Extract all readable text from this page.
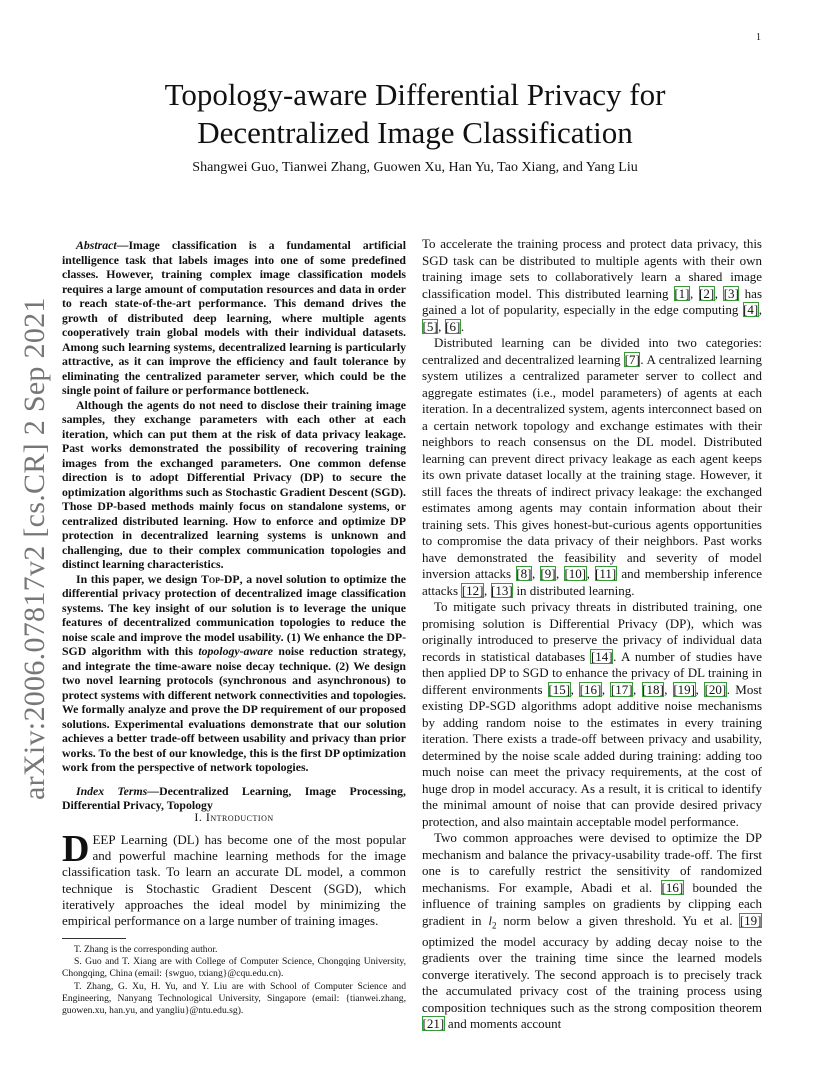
1
arXiv:2006.07817v2 [cs.CR] 2 Sep 2021
Topology-aware Differential Privacy for
Decentralized Image Classification
Shangwei Guo, Tianwei Zhang, Guowen Xu, Han Yu, Tao Xiang, and Yang Liu

Abstract—Image classification is a fundamental artificial intelligence task that labels images into one of some predefined classes. However, training complex image classification models requires a large amount of computation resources and data in order to reach state-of-the-art performance. This demand drives the growth of distributed deep learning, where multiple agents cooperatively train global models with their individual datasets. Among such learning systems, decentralized learning is particularly attractive, as it can improve the efficiency and fault tolerance by eliminating the centralized parameter server, which could be the single point of failure or performance bottleneck.

Although the agents do not need to disclose their training image samples, they exchange parameters with each other at each iteration, which can put them at the risk of data privacy leakage. Past works demonstrated the possibility of recovering training images from the exchanged parameters. One common defense direction is to adopt Differential Privacy (DP) to secure the optimization algorithms such as Stochastic Gradient Descent (SGD). Those DP-based methods mainly focus on standalone systems, or centralized distributed learning. How to enforce and optimize DP protection in decentralized learning systems is unknown and challenging, due to their complex communication topologies and distinct learning characteristics.

In this paper, we design Top-DP, a novel solution to optimize the differential privacy protection of decentralized image classification systems. The key insight of our solution is to leverage the unique features of decentralized communication topologies to reduce the noise scale and improve the model usability. (1) We enhance the DP-SGD algorithm with this topology-aware noise reduction strategy, and integrate the time-aware noise decay technique. (2) We design two novel learning protocols (synchronous and asynchronous) to protect systems with different network connectivities and topologies. We formally analyze and prove the DP requirement of our proposed solutions. Experimental evaluations demonstrate that our solution achieves a better trade-off between usability and privacy than prior works. To the best of our knowledge, this is the first DP optimization work from the perspective of network topologies.

Index Terms—Decentralized Learning, Image Processing, Differential Privacy, Topology

I. Introduction

DEEP Learning (DL) has become one of the most popular and powerful machine learning methods for the image classification task. To learn an accurate DL model, a common technique is Stochastic Gradient Descent (SGD), which iteratively approaches the ideal model by minimizing the empirical performance on a large number of training images.

T. Zhang is the corresponding author.

S. Guo and T. Xiang are with College of Computer Science, Chongqing University, Chongqing, China (email: {swguo, txiang}@cqu.edu.cn).

T. Zhang, G. Xu, H. Yu, and Y. Liu are with School of Computer Science and Engineering, Nanyang Technological University, Singapore (email: {tianwei.zhang, guowen.xu, han.yu, and yangliu}@ntu.edu.sg).

To accelerate the training process and protect data privacy, this SGD task can be distributed to multiple agents with their own training image sets to collaboratively learn a shared image classification model. This distributed learning [1], [2], [3] has gained a lot of popularity, especially in the edge computing [4], [5], [6].

Distributed learning can be divided into two categories: centralized and decentralized learning [7]. A centralized learning system utilizes a centralized parameter server to collect and aggregate estimates (i.e., model parameters) of agents at each iteration. In a decentralized system, agents interconnect based on a certain network topology and exchange estimates with their neighbors to reach consensus on the DL model. Distributed learning can prevent direct privacy leakage as each agent keeps its own private dataset locally at the training stage. However, it still faces the threats of indirect privacy leakage: the exchanged estimates among agents may contain information about their training sets. This gives honest-but-curious agents opportunities to compromise the data privacy of their neighbors. Past works have demonstrated the feasibility and severity of model inversion attacks [8], [9], [10], [11] and membership inference attacks [12], [13] in distributed learning.

To mitigate such privacy threats in distributed training, one promising solution is Differential Privacy (DP), which was originally introduced to preserve the privacy of individual data records in statistical databases [14]. A number of studies have then applied DP to SGD to enhance the privacy of DL training in different environments [15], [16], [17], [18], [19], [20]. Most existing DP-SGD algorithms adopt additive noise mechanisms by adding random noise to the estimates in every training iteration. There exists a trade-off between privacy and usability, determined by the noise scale added during training: adding too much noise can meet the privacy requirements, at the cost of huge drop in model accuracy. As a result, it is critical to identify the minimal amount of noise that can provide desired privacy protection, and also maintain acceptable model performance.

Two common approaches were devised to optimize the DP mechanism and balance the privacy-usability trade-off. The first one is to carefully restrict the sensitivity of randomized mechanisms. For example, Abadi et al. [16] bounded the influence of training samples on gradients by clipping each gradient in $l_2$ norm below a given threshold. Yu et al. [19] optimized the model accuracy by adding decay noise to the gradients over the training time since the learned models converge iteratively. The second approach is to precisely track the accumulated privacy cost of the training process using composition techniques such as the strong composition theorem [21] and moments account
